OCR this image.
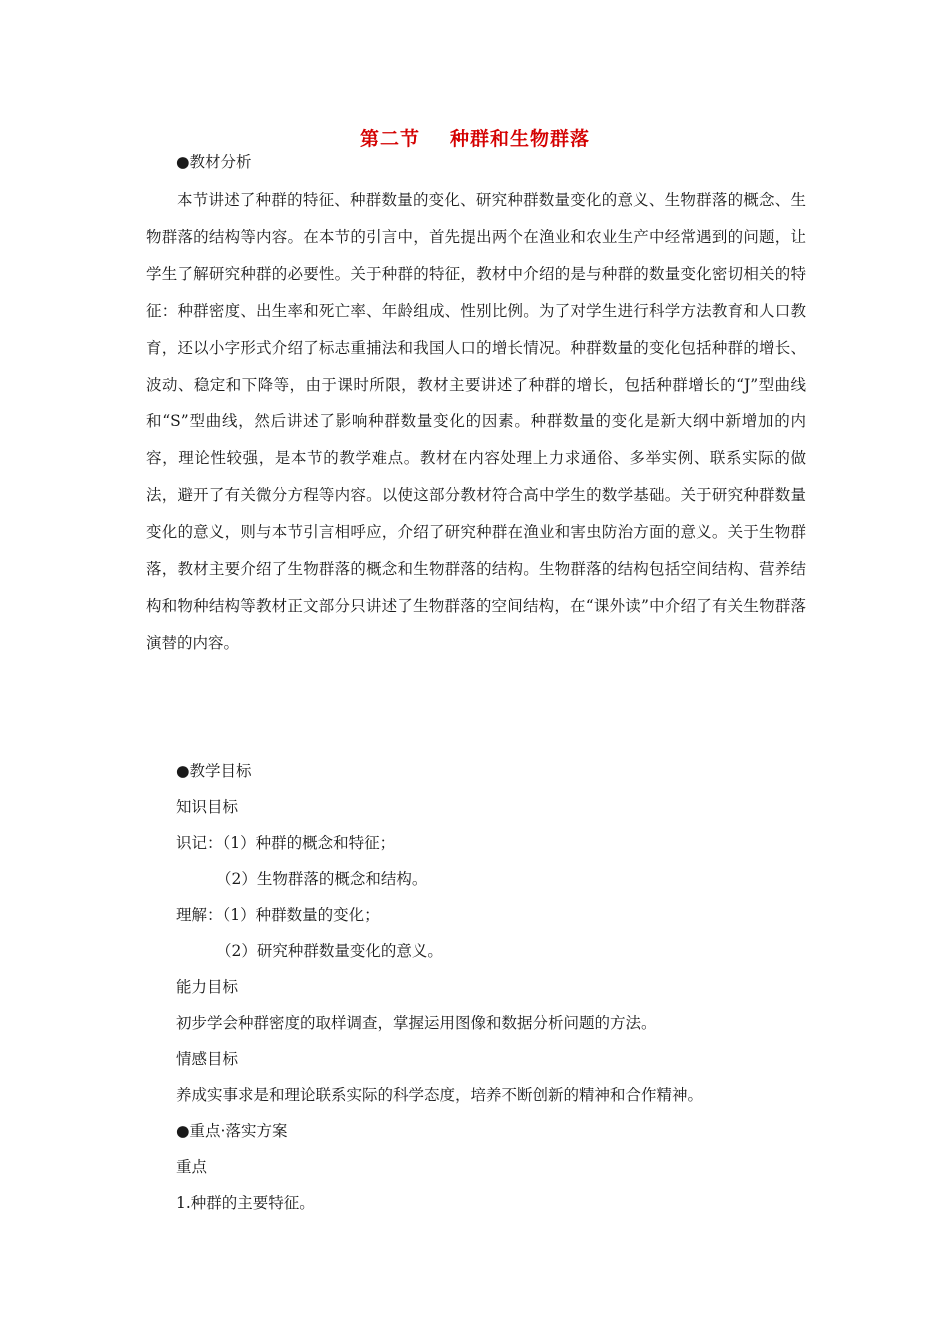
第二节 种群和生物群落
●教材分析
本节讲述了种群的特征、种群数量的变化、研究种群数量变化的意义、生物群落的概念、生物群落的结构等内容。在本节的引言中，首先提出两个在渔业和农业生产中经常遇到的问题，让学生了解研究种群的必要性。关于种群的特征，教材中介绍的是与种群的数量变化密切相关的特征：种群密度、出生率和死亡率、年龄组成、性别比例。为了对学生进行科学方法教育和人口教育，还以小字形式介绍了标志重捕法和我国人口的增长情况。种群数量的变化包括种群的增长、波动、稳定和下降等，由于课时所限，教材主要讲述了种群的增长，包括种群增长的“J”型曲线和“S”型曲线，然后讲述了影响种群数量变化的因素。种群数量的变化是新大纲中新增加的内容，理论性较强，是本节的教学难点。教材在内容处理上力求通俗、多举实例、联系实际的做法，避开了有关微分方程等内容。以使这部分教材符合高中学生的数学基础。关于研究种群数量变化的意义，则与本节引言相呼应，介绍了研究种群在渔业和害虫防治方面的意义。关于生物群落，教材主要介绍了生物群落的概念和生物群落的结构。生物群落的结构包括空间结构、营养结构和物种结构等教材正文部分只讲述了生物群落的空间结构，在“课外读”中介绍了有关生物群落演替的内容。
●教学目标
知识目标
识记：（1）种群的概念和特征；
（2）生物群落的概念和结构。
理解：（1）种群数量的变化；
（2）研究种群数量变化的意义。
能力目标
初步学会种群密度的取样调查，掌握运用图像和数据分析问题的方法。
情感目标
养成实事求是和理论联系实际的科学态度，培养不断创新的精神和合作精神。
●重点·落实方案
重点
1.种群的主要特征。
